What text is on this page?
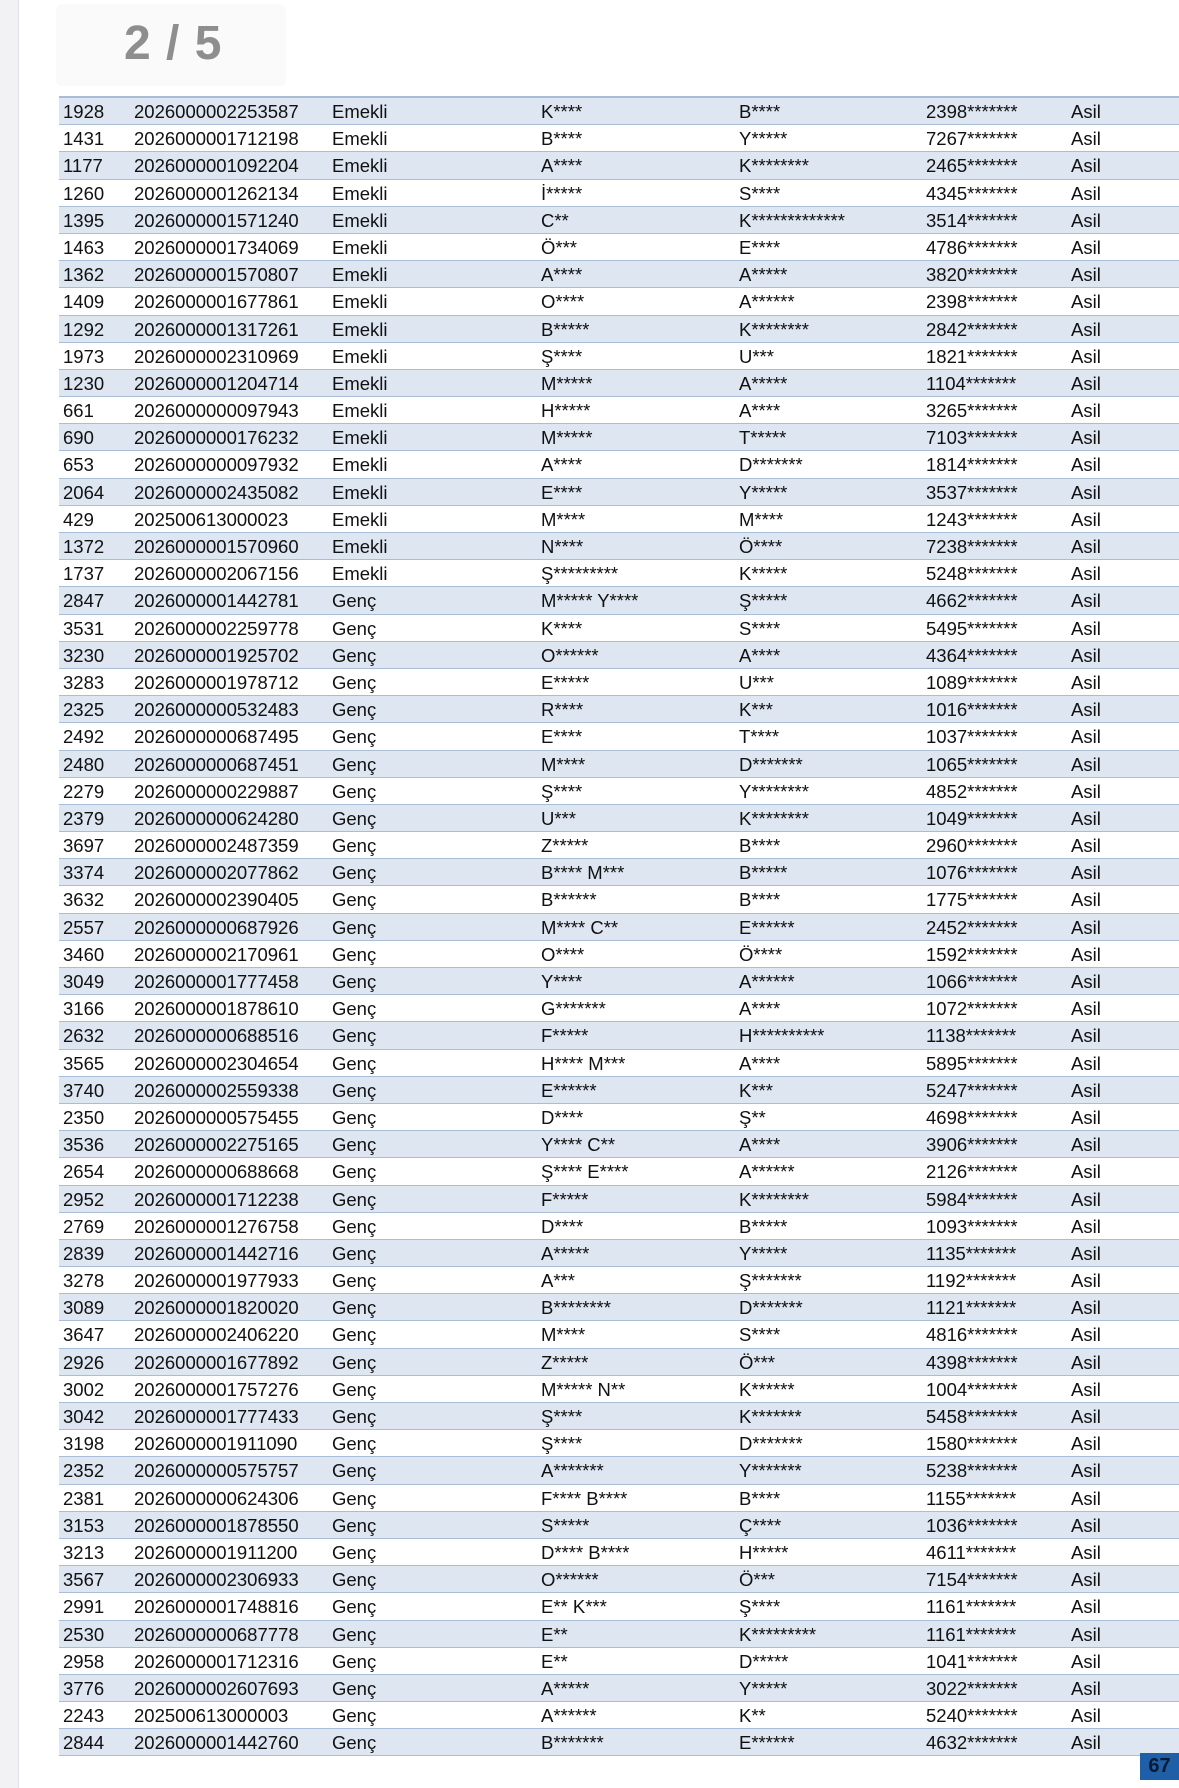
2 / 5
1928 2026000002253587 Emekli	K****	B****	2398*******	Asil
1431 2026000001712198 Emekli	B****	Y*****	7267*******	Asil
1177 2026000001092204 Emekli	A****	K********	2465*******	Asil
1260 2026000001262134 Emekli	İ*****	S****	4345*******	Asil
1395 2026000001571240 Emekli	C**	K*************	3514*******	Asil
1463 2026000001734069 Emekli	Ö***	E****	4786*******	Asil
1362 2026000001570807 Emekli	A****	A*****	3820*******	Asil
1409 2026000001677861 Emekli	O****	A******	2398*******	Asil
1292 2026000001317261 Emekli	B*****	K********	2842*******	Asil
1973 2026000002310969 Emekli	Ş****	U***	1821*******	Asil
1230 2026000001204714 Emekli	M*****	A*****	1104*******	Asil
661 2026000000097943 Emekli	H*****	A****	3265*******	Asil
690 2026000000176232 Emekli	M*****	T*****	7103*******	Asil
653 2026000000097932 Emekli	A****	D*******	1814*******	Asil
2064 2026000002435082 Emekli	E****	Y*****	3537*******	Asil
429 202500613000023 Emekli	M****	M****	1243*******	Asil
1372 2026000001570960 Emekli	N****	Ö****	7238*******	Asil
1737 2026000002067156 Emekli	Ş*********	K*****	5248*******	Asil
2847 2026000001442781 Genç	M***** Y****	Ş*****	4662*******	Asil
3531 2026000002259778 Genç	K****	S****	5495*******	Asil
3230 2026000001925702 Genç	O******	A****	4364*******	Asil
3283 2026000001978712 Genç	E*****	U***	1089*******	Asil
2325 2026000000532483 Genç	R****	K***	1016*******	Asil
2492 2026000000687495 Genç	E****	T****	1037*******	Asil
2480 2026000000687451 Genç	M****	D*******	1065*******	Asil
2279 2026000000229887 Genç	Ş****	Y********	4852*******	Asil
2379 2026000000624280 Genç	U***	K********	1049*******	Asil
3697 2026000002487359 Genç	Z*****	B****	2960*******	Asil
3374 2026000002077862 Genç	B**** M***	B*****	1076*******	Asil
3632 2026000002390405 Genç	B******	B****	1775*******	Asil
2557 2026000000687926 Genç	M**** C**	E******	2452*******	Asil
3460 2026000002170961 Genç	O****	Ö****	1592*******	Asil
3049 2026000001777458 Genç	Y****	A******	1066*******	Asil
3166 2026000001878610 Genç	G*******	A****	1072*******	Asil
2632 2026000000688516 Genç	F*****	H**********	1138*******	Asil
3565 2026000002304654 Genç	H**** M***	A****	5895*******	Asil
3740 2026000002559338 Genç	E******	K***	5247*******	Asil
2350 2026000000575455 Genç	D****	Ş**	4698*******	Asil
3536 2026000002275165 Genç	Y**** C**	A****	3906*******	Asil
2654 2026000000688668 Genç	Ş**** E****	A******	2126*******	Asil
2952 2026000001712238 Genç	F*****	K********	5984*******	Asil
2769 2026000001276758 Genç	D****	B*****	1093*******	Asil
2839 2026000001442716 Genç	A*****	Y*****	1135*******	Asil
3278 2026000001977933 Genç	A***	Ş*******	1192*******	Asil
3089 2026000001820020 Genç	B********	D*******	1121*******	Asil
3647 2026000002406220 Genç	M****	S****	4816*******	Asil
2926 2026000001677892 Genç	Z*****	Ö***	4398*******	Asil
3002 2026000001757276 Genç	M***** N**	K******	1004*******	Asil
3042 2026000001777433 Genç	Ş****	K*******	5458*******	Asil
3198 2026000001911090 Genç	Ş****	D*******	1580*******	Asil
2352 2026000000575757 Genç	A*******	Y*******	5238*******	Asil
2381 2026000000624306 Genç	F**** B****	B****	1155*******	Asil
3153 2026000001878550 Genç	S*****	Ç****	1036*******	Asil
3213 2026000001911200 Genç	D**** B****	H*****	4611*******	Asil
3567 2026000002306933 Genç	O******	Ö***	7154*******	Asil
2991 2026000001748816 Genç	E** K***	Ş****	1161*******	Asil
2530 2026000000687778 Genç	E**	K*********	1161*******	Asil
2958 2026000001712316 Genç	E**	D*****	1041*******	Asil
3776 2026000002607693 Genç	A*****	Y*****	3022*******	Asil
2243 202500613000003 Genç	A******	K**	5240*******	Asil
2844 2026000001442760 Genç	B*******	E******	4632*******	Asil
67
